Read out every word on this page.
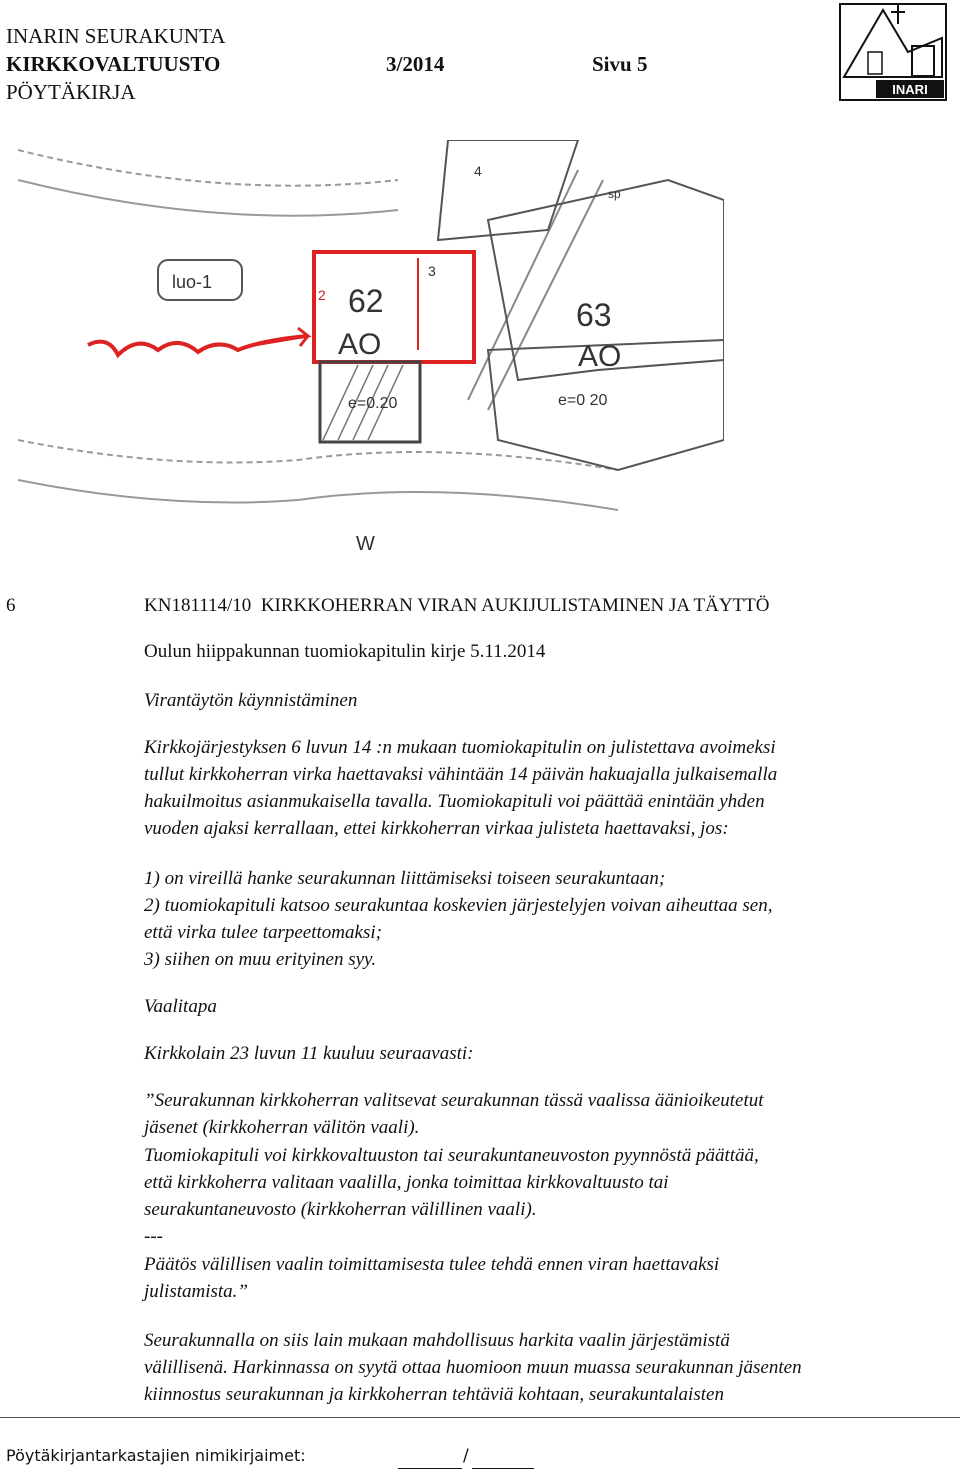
INARIN SEURAKUNTA
KIRKKOVALTUUSTO	3/2014	Sivu 5
PÖYTÄKIRJA	INARI
luo-1
62
AO
63
AO
3
2
4
sp
e=0.20	e=0 20
W
6	KN181114/10 KIRKKOHERRAN VIRAN AUKIJULISTAMINEN JA TÄYTTÖ
Oulun hiippakunnan tuomiokapitulin kirje 5.11.2014
Virantäytön käynnistäminen
Kirkkojärjestyksen 6 luvun 14 :n mukaan tuomiokapitulin on julistettava avoimeksi
tullut kirkkoherran virka haettavaksi vähintään 14 päivän hakuajalla julkaisemalla
hakuilmoitus asianmukaisella tavalla. Tuomiokapituli voi päättää enintään yhden
vuoden ajaksi kerrallaan, ettei kirkkoherran virkaa julisteta haettavaksi, jos:
1) on vireillä hanke seurakunnan liittämiseksi toiseen seurakuntaan;
2) tuomiokapituli katsoo seurakuntaa koskevien järjestelyjen voivan aiheuttaa sen,
että virka tulee tarpeettomaksi;
3) siihen on muu erityinen syy.
Vaalitapa
Kirkkolain 23 luvun 11 kuuluu seuraavasti:
”Seurakunnan kirkkoherran valitsevat seurakunnan tässä vaalissa äänioikeutetut
jäsenet (kirkkoherran välitön vaali).
Tuomiokapituli voi kirkkovaltuuston tai seurakuntaneuvoston pyynnöstä päättää,
että kirkkoherra valitaan vaalilla, jonka toimittaa kirkkovaltuusto tai
seurakuntaneuvosto (kirkkoherran välillinen vaali).
---
Päätös välillisen vaalin toimittamisesta tulee tehdä ennen viran haettavaksi
julistamista.”
Seurakunnalla on siis lain mukaan mahdollisuus harkita vaalin järjestämistä
välillisenä. Harkinnassa on syytä ottaa huomioon muun muassa seurakunnan jäsenten
kiinnostus seurakunnan ja kirkkoherran tehtäviä kohtaan, seurakuntalaisten
Pöytäkirjantarkastajien nimikirjaimet:	/
